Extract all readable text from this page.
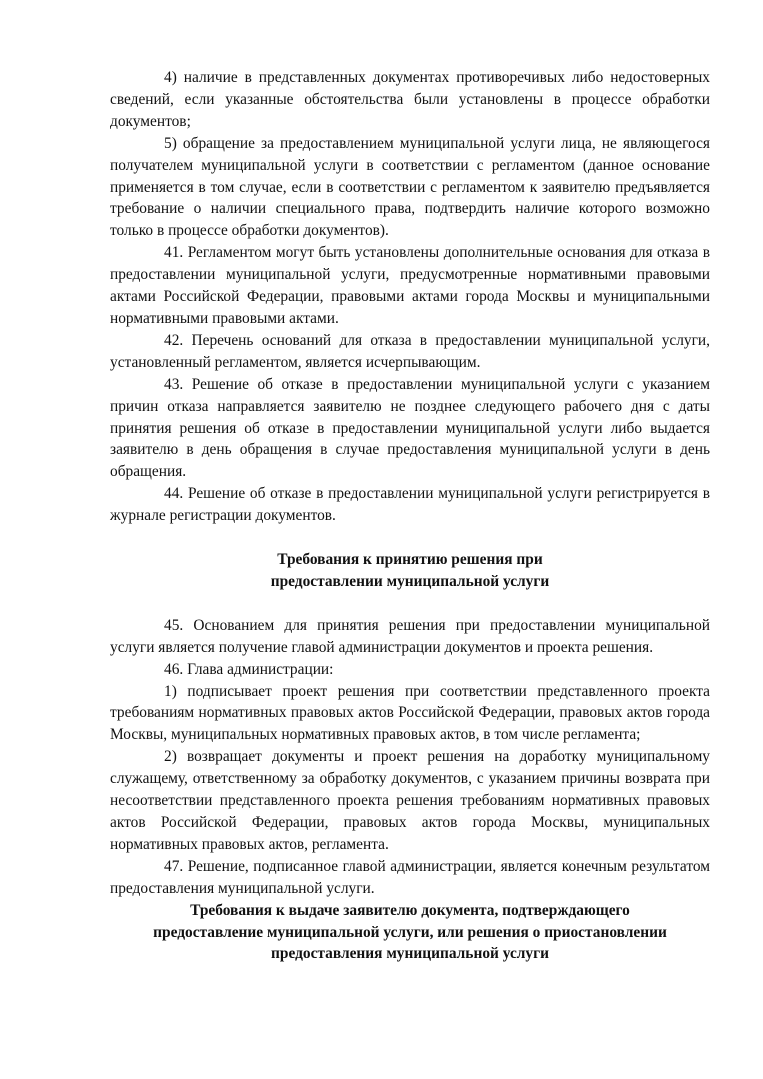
4) наличие в представленных документах противоречивых либо недостоверных сведений, если указанные обстоятельства были установлены в процессе обработки документов;

5) обращение за предоставлением муниципальной услуги лица, не являющегося получателем муниципальной услуги в соответствии с регламентом (данное основание применяется в том случае, если в соответствии с регламентом к заявителю предъявляется требование о наличии специального права, подтвердить наличие которого возможно только в процессе обработки документов).

41. Регламентом могут быть установлены дополнительные основания для отказа в предоставлении муниципальной услуги, предусмотренные нормативными правовыми актами Российской Федерации, правовыми актами города Москвы и муниципальными нормативными правовыми актами.

42. Перечень оснований для отказа в предоставлении муниципальной услуги, установленный регламентом, является исчерпывающим.

43. Решение об отказе в предоставлении муниципальной услуги с указанием причин отказа направляется заявителю не позднее следующего рабочего дня с даты принятия решения об отказе в предоставлении муниципальной услуги либо выдается заявителю в день обращения в случае предоставления муниципальной услуги в день обращения.

44. Решение об отказе в предоставлении муниципальной услуги регистрируется в журнале регистрации документов.

Требования к принятию решения при

предоставлении муниципальной услуги

45. Основанием для принятия решения при предоставлении муниципальной услуги является получение главой администрации документов и проекта решения.

46. Глава администрации:

1) подписывает проект решения при соответствии представленного проекта требованиям нормативных правовых актов Российской Федерации, правовых актов города Москвы, муниципальных нормативных правовых актов, в том числе регламента;

2) возвращает документы и проект решения на доработку муниципальному служащему, ответственному за обработку документов, с указанием причины возврата при несоответствии представленного проекта решения требованиям нормативных правовых актов Российской Федерации, правовых актов города Москвы, муниципальных нормативных правовых актов, регламента.

47. Решение, подписанное главой администрации, является конечным результатом предоставления муниципальной услуги.

Требования к выдаче заявителю документа, подтверждающего

предоставление муниципальной услуги, или решения о приостановлении

предоставления муниципальной услуги
